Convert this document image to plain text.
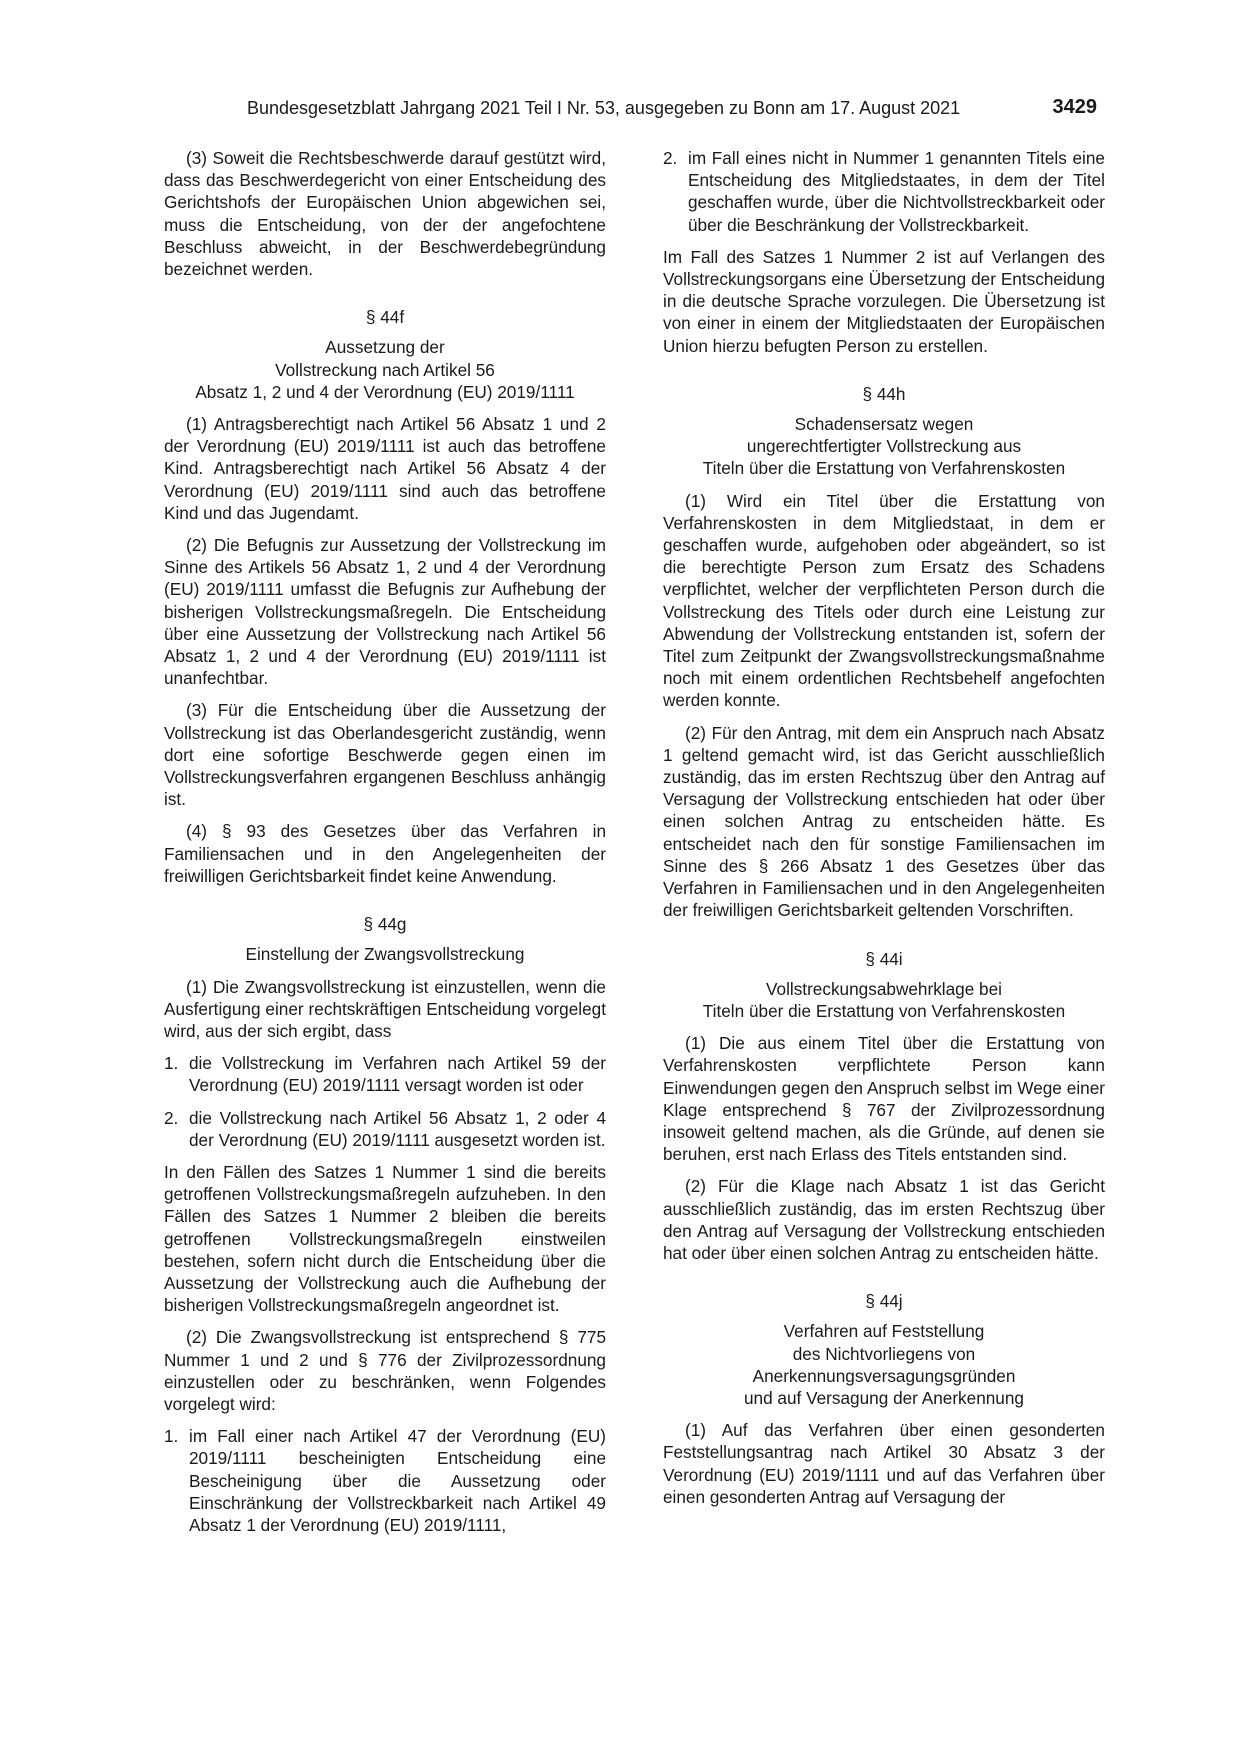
Bundesgesetzblatt Jahrgang 2021 Teil I Nr. 53, ausgegeben zu Bonn am 17. August 2021	3429

(3) Soweit die Rechtsbeschwerde darauf gestützt wird, dass das Beschwerdegericht von einer Entscheidung des Gerichtshofs der Europäischen Union abgewichen sei, muss die Entscheidung, von der der angefochtene Beschluss abweicht, in der Beschwerdebegründung bezeichnet werden.

§ 44f
Aussetzung der
Vollstreckung nach Artikel 56
Absatz 1, 2 und 4 der Verordnung (EU) 2019/1111

(1) Antragsberechtigt nach Artikel 56 Absatz 1 und 2 der Verordnung (EU) 2019/1111 ist auch das betroffene Kind. Antragsberechtigt nach Artikel 56 Absatz 4 der Verordnung (EU) 2019/1111 sind auch das betroffene Kind und das Jugendamt.

(2) Die Befugnis zur Aussetzung der Vollstreckung im Sinne des Artikels 56 Absatz 1, 2 und 4 der Verordnung (EU) 2019/1111 umfasst die Befugnis zur Aufhebung der bisherigen Vollstreckungsmaßregeln. Die Entscheidung über eine Aussetzung der Vollstreckung nach Artikel 56 Absatz 1, 2 und 4 der Verordnung (EU) 2019/1111 ist unanfechtbar.

(3) Für die Entscheidung über die Aussetzung der Vollstreckung ist das Oberlandesgericht zuständig, wenn dort eine sofortige Beschwerde gegen einen im Vollstreckungsverfahren ergangenen Beschluss anhängig ist.

(4) § 93 des Gesetzes über das Verfahren in Familiensachen und in den Angelegenheiten der freiwilligen Gerichtsbarkeit findet keine Anwendung.

§ 44g
Einstellung der Zwangsvollstreckung

(1) Die Zwangsvollstreckung ist einzustellen, wenn die Ausfertigung einer rechtskräftigen Entscheidung vorgelegt wird, aus der sich ergibt, dass

1. die Vollstreckung im Verfahren nach Artikel 59 der Verordnung (EU) 2019/1111 versagt worden ist oder
2. die Vollstreckung nach Artikel 56 Absatz 1, 2 oder 4 der Verordnung (EU) 2019/1111 ausgesetzt worden ist.

In den Fällen des Satzes 1 Nummer 1 sind die bereits getroffenen Vollstreckungsmaßregeln aufzuheben. In den Fällen des Satzes 1 Nummer 2 bleiben die bereits getroffenen Vollstreckungsmaßregeln einstweilen bestehen, sofern nicht durch die Entscheidung über die Aussetzung der Vollstreckung auch die Aufhebung der bisherigen Vollstreckungsmaßregeln angeordnet ist.

(2) Die Zwangsvollstreckung ist entsprechend § 775 Nummer 1 und 2 und § 776 der Zivilprozessordnung einzustellen oder zu beschränken, wenn Folgendes vorgelegt wird:

1. im Fall einer nach Artikel 47 der Verordnung (EU) 2019/1111 bescheinigten Entscheidung eine Bescheinigung über die Aussetzung oder Einschränkung der Vollstreckbarkeit nach Artikel 49 Absatz 1 der Verordnung (EU) 2019/1111,
2. im Fall eines nicht in Nummer 1 genannten Titels eine Entscheidung des Mitgliedstaates, in dem der Titel geschaffen wurde, über die Nichtvollstreckbarkeit oder über die Beschränkung der Vollstreckbarkeit.

Im Fall des Satzes 1 Nummer 2 ist auf Verlangen des Vollstreckungsorgans eine Übersetzung der Entscheidung in die deutsche Sprache vorzulegen. Die Übersetzung ist von einer in einem der Mitgliedstaaten der Europäischen Union hierzu befugten Person zu erstellen.

§ 44h
Schadensersatz wegen
ungerechtfertigter Vollstreckung aus
Titeln über die Erstattung von Verfahrenskosten

(1) Wird ein Titel über die Erstattung von Verfahrenskosten in dem Mitgliedstaat, in dem er geschaffen wurde, aufgehoben oder abgeändert, so ist die berechtigte Person zum Ersatz des Schadens verpflichtet, welcher der verpflichteten Person durch die Vollstreckung des Titels oder durch eine Leistung zur Abwendung der Vollstreckung entstanden ist, sofern der Titel zum Zeitpunkt der Zwangsvollstreckungsmaßnahme noch mit einem ordentlichen Rechtsbehelf angefochten werden konnte.

(2) Für den Antrag, mit dem ein Anspruch nach Absatz 1 geltend gemacht wird, ist das Gericht ausschließlich zuständig, das im ersten Rechtszug über den Antrag auf Versagung der Vollstreckung entschieden hat oder über einen solchen Antrag zu entscheiden hätte. Es entscheidet nach den für sonstige Familiensachen im Sinne des § 266 Absatz 1 des Gesetzes über das Verfahren in Familiensachen und in den Angelegenheiten der freiwilligen Gerichtsbarkeit geltenden Vorschriften.

§ 44i
Vollstreckungsabwehrklage bei
Titeln über die Erstattung von Verfahrenskosten

(1) Die aus einem Titel über die Erstattung von Verfahrenskosten verpflichtete Person kann Einwendungen gegen den Anspruch selbst im Wege einer Klage entsprechend § 767 der Zivilprozessordnung insoweit geltend machen, als die Gründe, auf denen sie beruhen, erst nach Erlass des Titels entstanden sind.

(2) Für die Klage nach Absatz 1 ist das Gericht ausschließlich zuständig, das im ersten Rechtszug über den Antrag auf Versagung der Vollstreckung entschieden hat oder über einen solchen Antrag zu entscheiden hätte.

§ 44j
Verfahren auf Feststellung
des Nichtvorliegens von
Anerkennungsversagungsgründen
und auf Versagung der Anerkennung

(1) Auf das Verfahren über einen gesonderten Feststellungsantrag nach Artikel 30 Absatz 3 der Verordnung (EU) 2019/1111 und auf das Verfahren über einen gesonderten Antrag auf Versagung der
